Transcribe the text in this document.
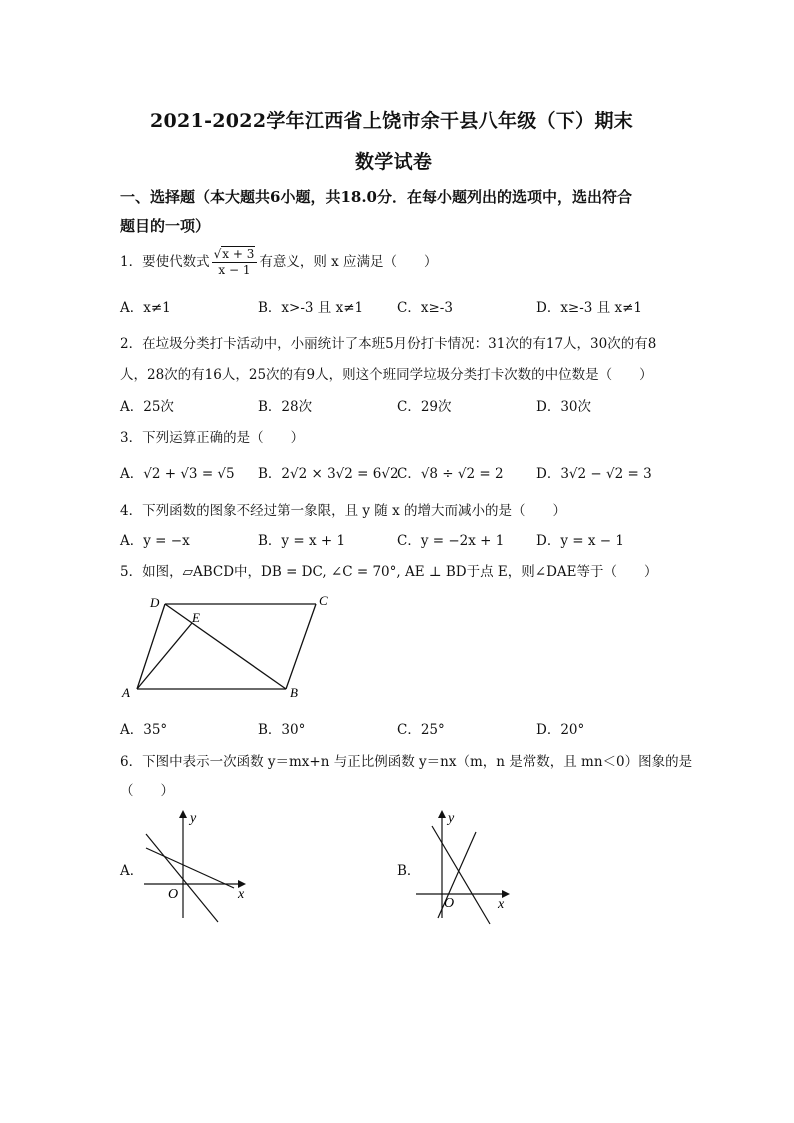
2021-2022学年江西省上饶市余干县八年级（下）期末
数学试卷
一、选择题（本大题共6小题，共18.0分．在每小题列出的选项中，选出符合
题目的一项）
1．要使代数式 $\frac{√x + 3}{x - 1}$ 有意义，则 x 应满足（　　）
A．x≠1	B．x>-3 且 x≠1	C．x≥-3	D．x≥-3 且 x≠1
2．在垃圾分类打卡活动中，小丽统计了本班5月份打卡情况：31次的有17人，30次的有8
人，28次的有16人，25次的有9人，则这个班同学垃圾分类打卡次数的中位数是（　　）
A．25次	B．28次	C．29次	D．30次
3．下列运算正确的是（　　）
A．√2 + √3 = √5 B．2√2 × 3√2 = 6√2
C．√8 ÷ √2 = 2 D．3√2 − √2 = 3
4．下列函数的图象不经过第一象限，且 y 随 x 的增大而减小的是（　　）
A．y = −x	B．y = x + 1	C．y = −2x + 1 D．y = x − 1
5．如图，▱ABCD中，DB = DC, ∠C = 70°, AE ⊥ BD于点 E，则∠DAE等于（　　）
D	C
E
A	B
A．35°	B．30°	C．25°	D．20°
6．下图中表示一次函数 y＝mx+n 与正比例函数 y＝nx（m，n 是常数，且 mn＜0）图象的是
（　　）
A．
y
x
O
B．
y
x
O
